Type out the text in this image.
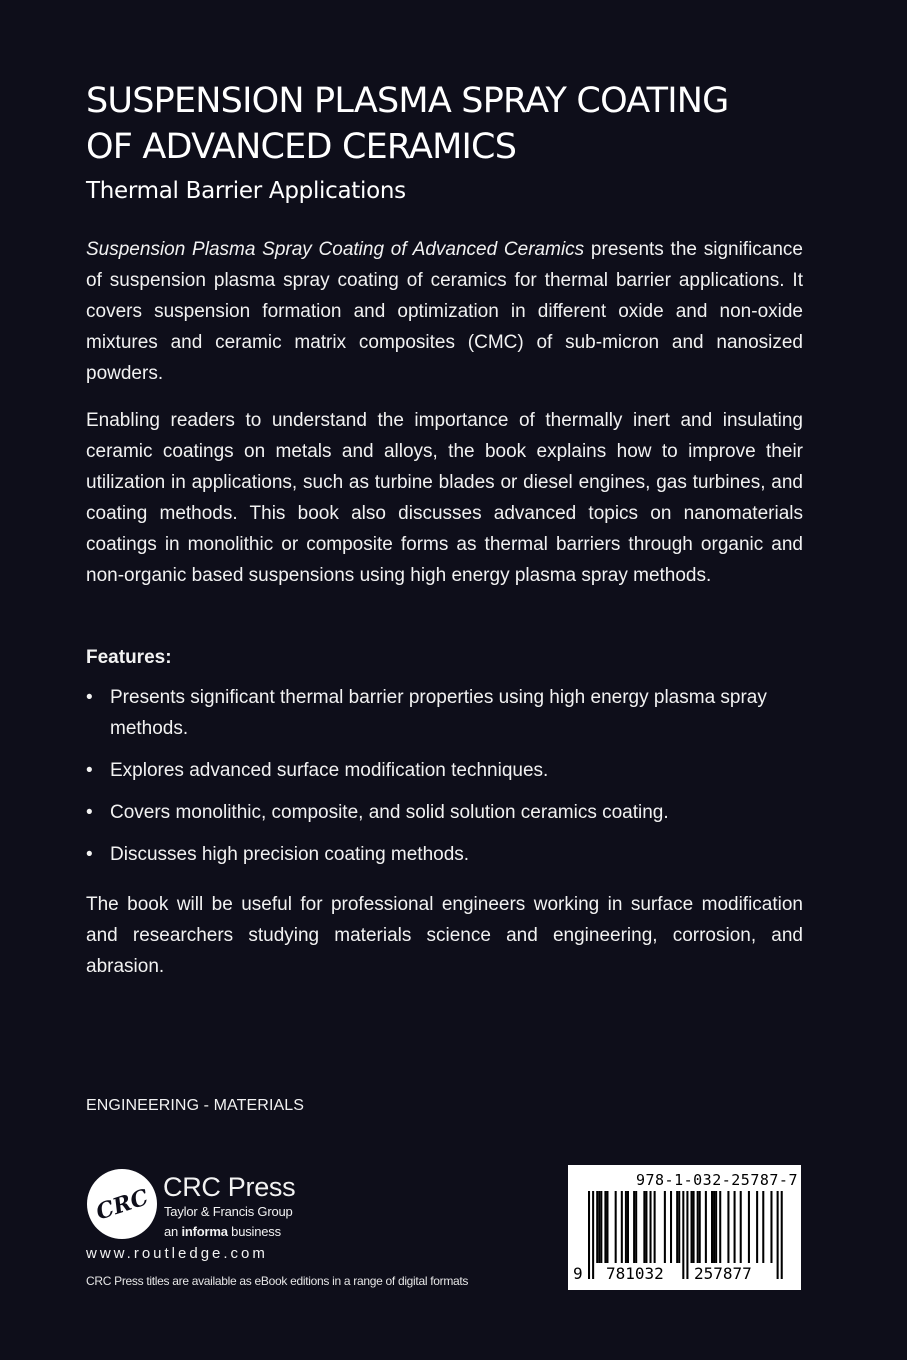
SUSPENSION PLASMA SPRAY COATING
OF ADVANCED CERAMICS
Thermal Barrier Applications

Suspension Plasma Spray Coating of Advanced Ceramics presents the significance of suspension plasma spray coating of ceramics for thermal barrier applications. It covers suspension formation and optimization in different oxide and non-oxide mixtures and ceramic matrix composites (CMC) of sub-micron and nanosized powders.

Enabling readers to understand the importance of thermally inert and insulating ceramic coatings on metals and alloys, the book explains how to improve their utilization in applications, such as turbine blades or diesel engines, gas turbines, and coating methods. This book also discusses advanced topics on nanomaterials coatings in monolithic or composite forms as thermal barriers through organic and non-organic based suspensions using high energy plasma spray methods.

Features:
• Presents significant thermal barrier properties using high energy plasma spray methods.
• Explores advanced surface modification techniques.
• Covers monolithic, composite, and solid solution ceramics coating.
• Discusses high precision coating methods.

The book will be useful for professional engineers working in surface modification and researchers studying materials science and engineering, corrosion, and abrasion.

ENGINEERING - MATERIALS
CRC CRC Press
Taylor & Francis Group
an informa business
www.routledge.com
CRC Press titles are available as eBook editions in a range of digital formats
978-1-032-25787-7
9 781032 257877
